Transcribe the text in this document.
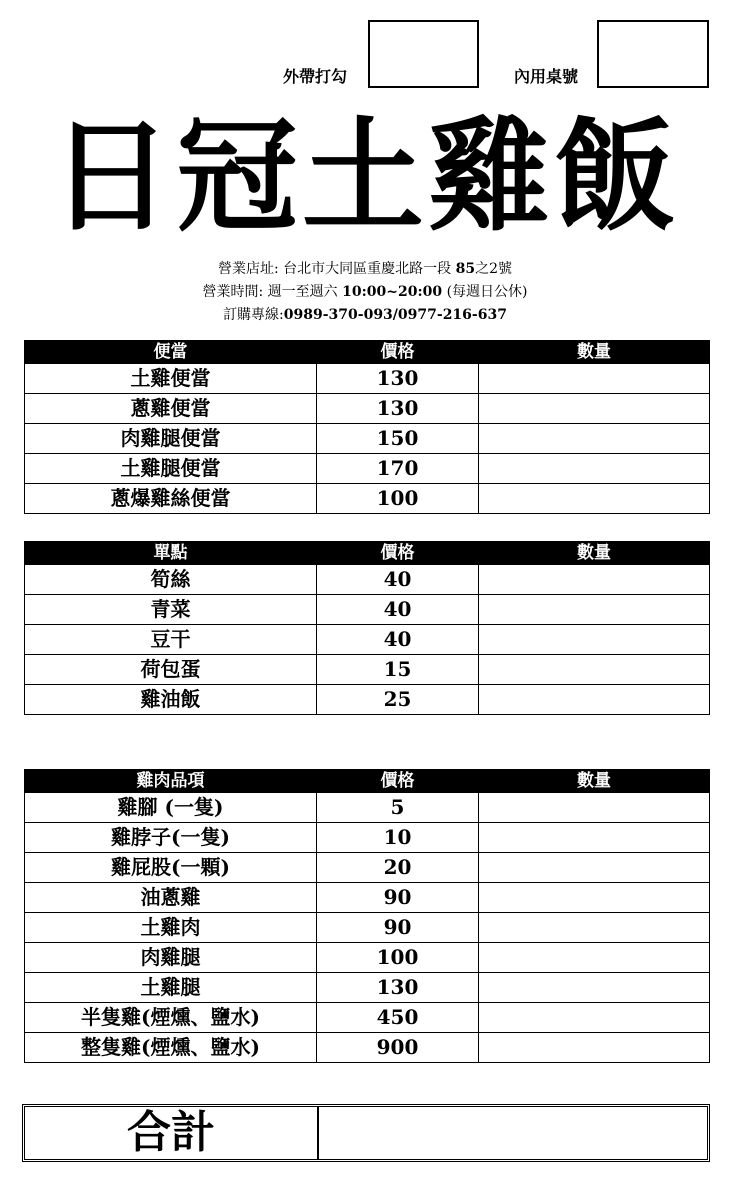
外帶打勾	內用桌號
日冠土雞飯
營業店址: 台北市大同區重慶北路一段 85之2號
營業時間: 週一至週六 10:00~20:00 (每週日公休)
訂購專線:0989-370-093/0977-216-637
便當	價格	數量
土雞便當	130	
蔥雞便當	130	
肉雞腿便當	150	
土雞腿便當	170	
蔥爆雞絲便當	100	
單點	價格	數量
筍絲	40	
青菜	40	
豆干	40	
荷包蛋	15	
雞油飯	25	
雞肉品項	價格	數量
雞腳 (一隻)	5	
雞脖子(一隻)	10	
雞屁股(一顆)	20	
油蔥雞	90	
土雞肉	90	
肉雞腿	100	
土雞腿	130	
半隻雞(煙燻、鹽水)	450	
整隻雞(煙燻、鹽水)	900	
合計
